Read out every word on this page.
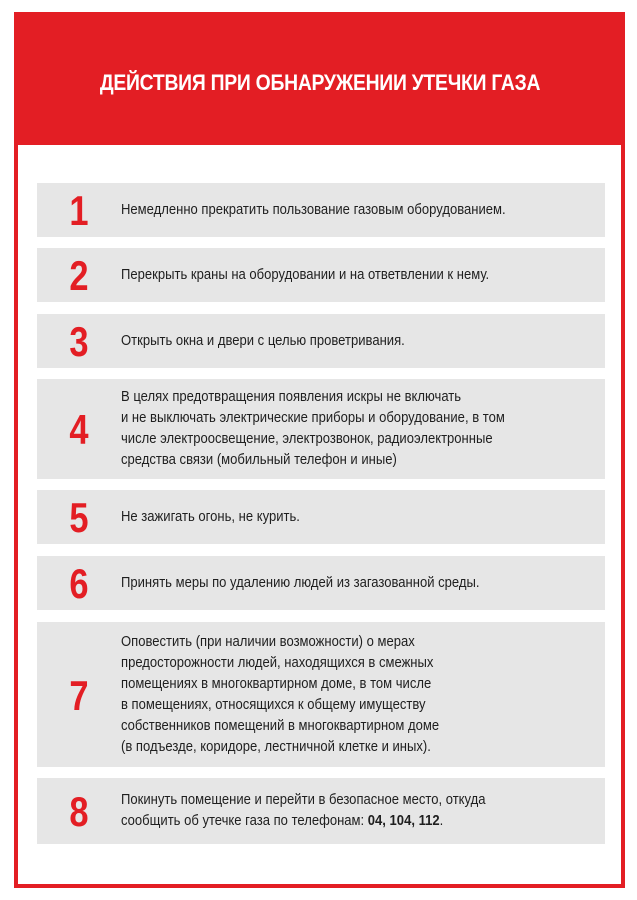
ДЕЙСТВИЯ ПРИ ОБНАРУЖЕНИИ УТЕЧКИ ГАЗА
1	Немедленно прекратить пользование газовым оборудованием.
2	Перекрыть краны на оборудовании и на ответвлении к нему.
3	Открыть окна и двери с целью проветривания.
4
В целях предотвращения появления искры не включать
и не выключать электрические приборы и оборудование, в том
числе электроосвещение, электрозвонок, радиоэлектронные
средства связи (мобильный телефон и иные)
5	Не зажигать огонь, не курить.
6	Принять меры по удалению людей из загазованной среды.
7
Оповестить (при наличии возможности) о мерах
предосторожности людей, находящихся в смежных
помещениях в многоквартирном доме, в том числе
в помещениях, относящихся к общему имуществу
собственников помещений в многоквартирном доме
(в подъезде, коридоре, лестничной клетке и иных).
8	Покинуть помещение и перейти в безопасное место, откуда
сообщить об утечке газа по телефонам: 04, 104, 112.
